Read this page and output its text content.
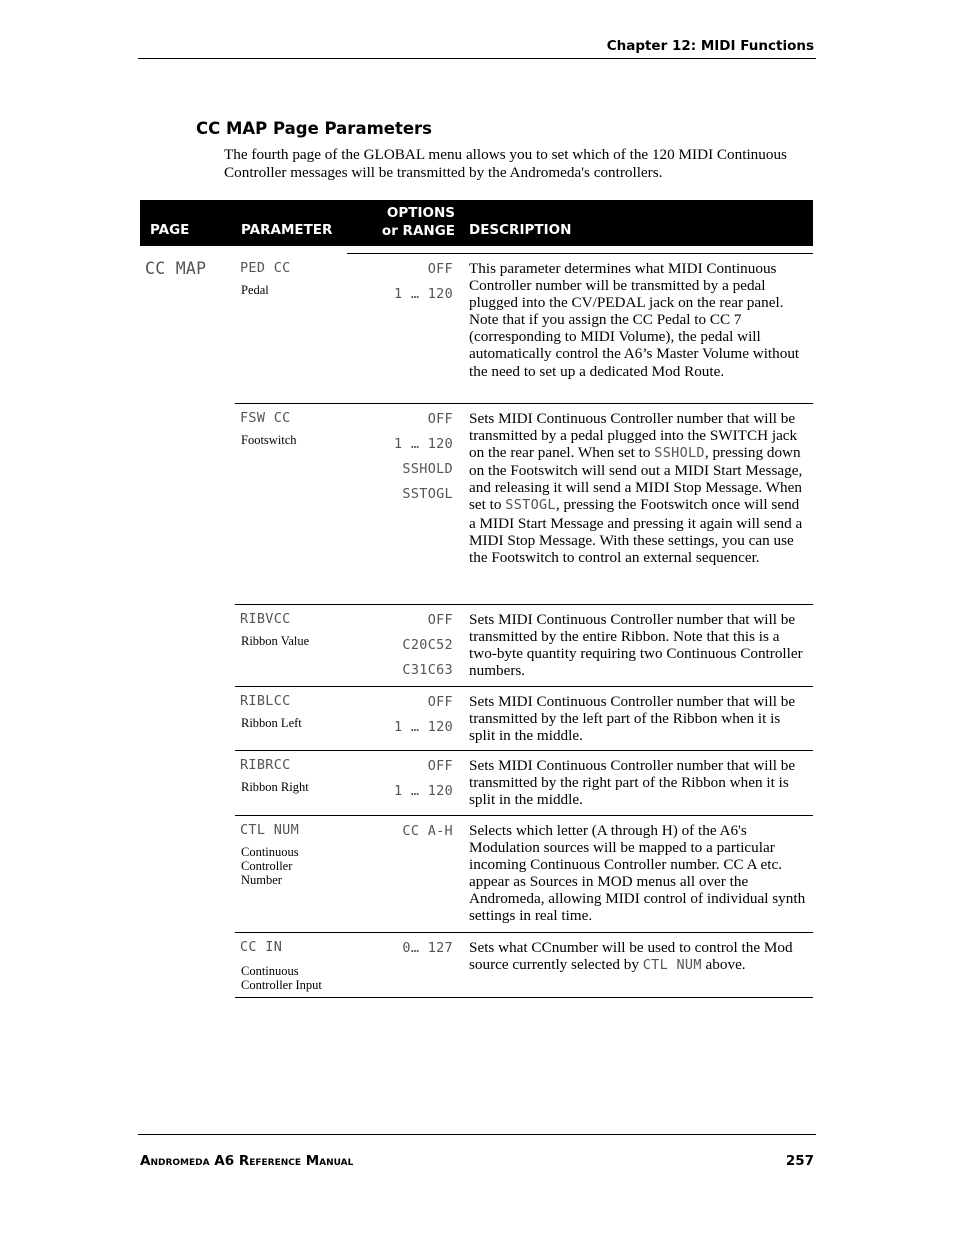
Chapter 12: MIDI Functions
CC MAP Page Parameters
The fourth page of the GLOBAL menu allows you to set which of the 120 MIDI Continuous Controller messages will be transmitted by the Andromeda's controllers.
PAGE	PARAMETER
OPTIONS
or RANGE DESCRIPTION
CC MAP PED CC
Pedal
OFF
1 … 120
This parameter determines what MIDI Continuous Controller number will be transmitted by a pedal plugged into the CV/PEDAL jack on the rear panel. Note that if you assign the CC Pedal to CC 7 (corresponding to MIDI Volume), the pedal will automatically control the A6’s Master Volume without the need to set up a dedicated Mod Route.
FSW CC
Footswitch
OFF
1 … 120
SSHOLD
SSTOGL
Sets MIDI Continuous Controller number that will be transmitted by a pedal plugged into the SWITCH jack on the rear panel. When set to SSHOLD, pressing down on the Footswitch will send out a MIDI Start Message, and releasing it will send a MIDI Stop Message. When set to SSTOGL, pressing the Footswitch once will send a MIDI Start Message and pressing it again will send a MIDI Stop Message. With these settings, you can use the Footswitch to control an external sequencer.
RIBVCC
Ribbon Value
OFF
C20C52
C31C63
Sets MIDI Continuous Controller number that will be transmitted by the entire Ribbon. Note that this is a two-byte quantity requiring two Continuous Controller numbers.
RIBLCC
Ribbon Left
OFF
1 … 120
Sets MIDI Continuous Controller number that will be transmitted by the left part of the Ribbon when it is split in the middle.
RIBRCC
Ribbon Right
OFF
1 … 120
Sets MIDI Continuous Controller number that will be transmitted by the right part of the Ribbon when it is split in the middle.
CTL NUM
Continuous
Controller
Number
CC A-H Selects which letter (A through H) of the A6's Modulation sources will be mapped to a particular incoming Continuous Controller number. CC A etc. appear as Sources in MOD menus all over the Andromeda, allowing MIDI control of individual synth settings in real time.
CC IN
Continuous
Controller Input
0… 127 Sets what CCnumber will be used to control the Mod source currently selected by CTL NUM above.
Andromeda A6 Reference Manual	257
